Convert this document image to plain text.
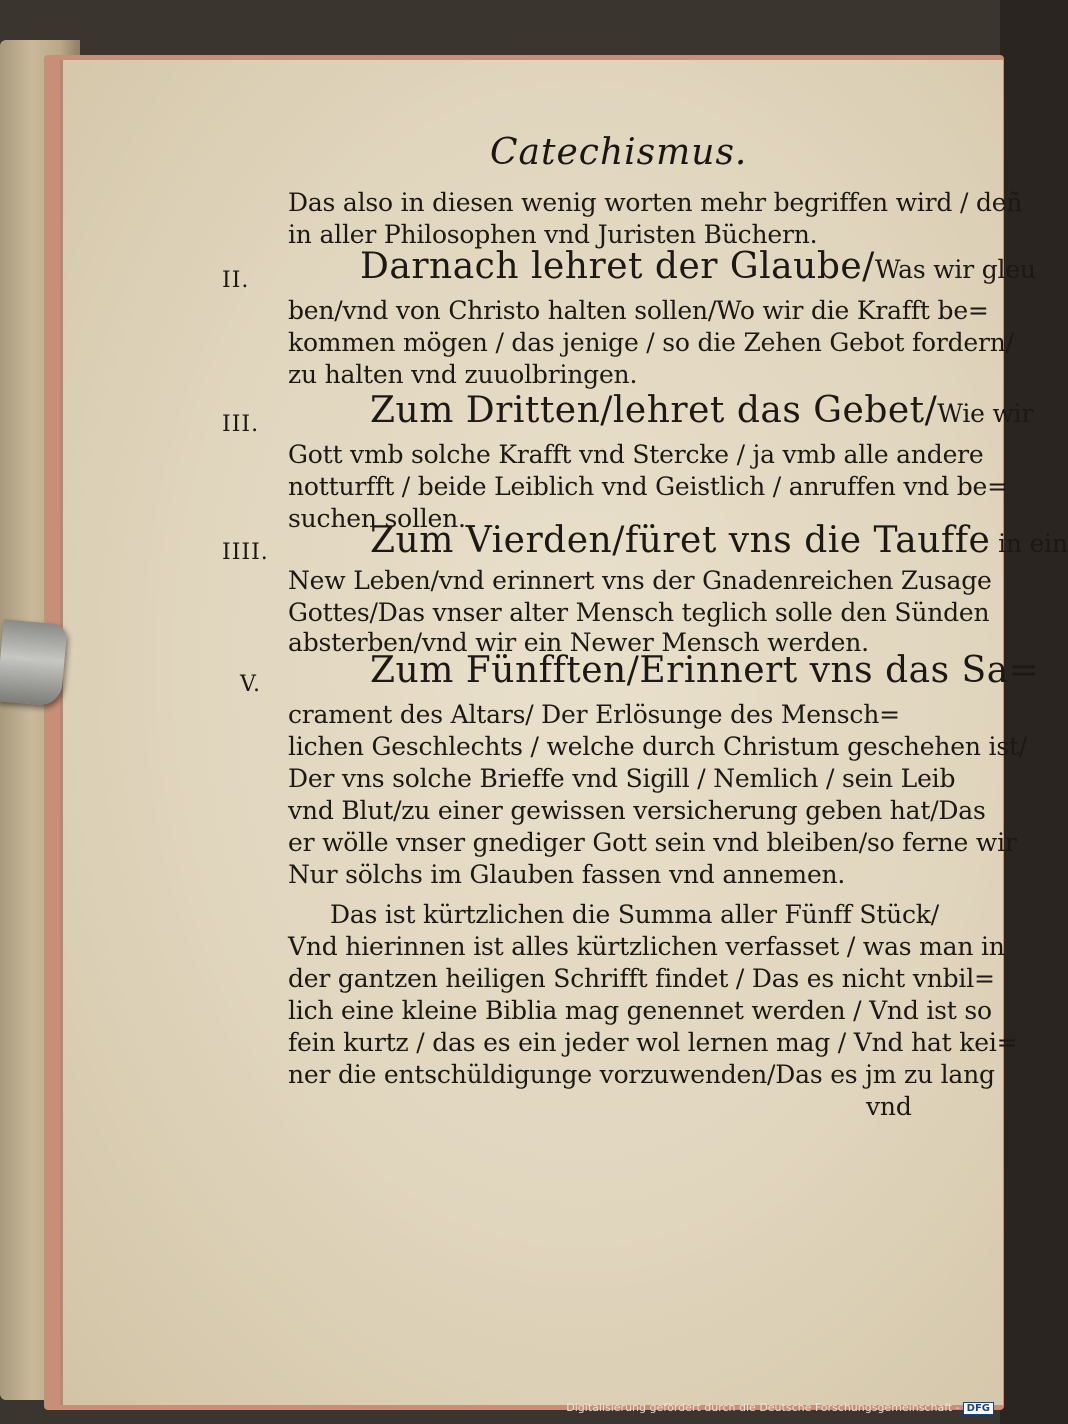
Catechismus.
Das also in diesen wenig worten mehr begriffen wird / deñ
in aller Philosophen vnd Juristen Büchern.
II.	Darnach lehret der Glaube/Was wir gleu
ben/vnd von Christo halten sollen/Wo wir die Krafft be=
kommen mögen / das jenige / so die Zehen Gebot fordern/
zu halten vnd zuuolbringen.
III.	Zum Dritten/lehret das Gebet/Wie wir
Gott vmb solche Krafft vnd Stercke / ja vmb alle andere
notturfft / beide Leiblich vnd Geistlich / anruffen vnd be=
suchen sollen.
IIII.	Zum Vierden/füret vns die Tauffe in ein
New Leben/vnd erinnert vns der Gnadenreichen Zusage
Gottes/Das vnser alter Mensch teglich solle den Sünden
absterben/vnd wir ein Newer Mensch werden.
V.	Zum Fünfften/Erinnert vns das Sa=
crament des Altars/ Der Erlösunge des Mensch=
lichen Geschlechts / welche durch Christum geschehen ist/
Der vns solche Brieffe vnd Sigill / Nemlich / sein Leib
vnd Blut/zu einer gewissen versicherung geben hat/Das
er wölle vnser gnediger Gott sein vnd bleiben/so ferne wir
Nur sölchs im Glauben fassen vnd annemen.
Das ist kürtzlichen die Summa aller Fünff Stück/
Vnd hierinnen ist alles kürtzlichen verfasset / was man in
der gantzen heiligen Schrifft findet / Das es nicht vnbil=
lich eine kleine Biblia mag genennet werden / Vnd ist so
fein kurtz / das es ein jeder wol lernen mag / Vnd hat kei=
ner die entschüldigunge vorzuwenden/Das es jm zu lang
vnd
Digitalisierung gefördert durch die Deutsche Forschungsgemeinschaft - DFG
